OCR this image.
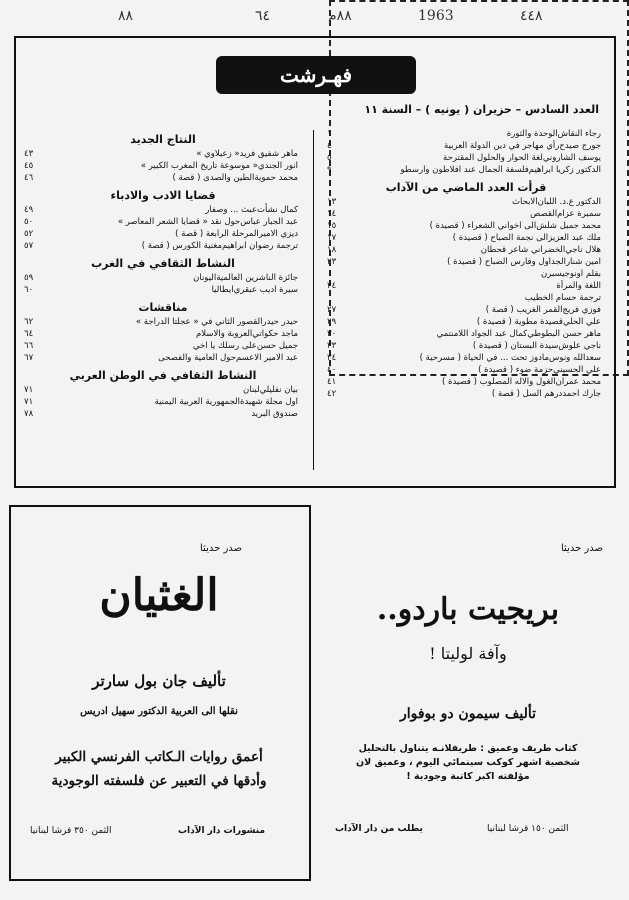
٨٨	٦٤	٨٨م	1963	٤٤٨
فهـرشت
العدد السادس – حزيران ( يونيه ) – السنة ١١
رجاء النقاش
الوحدة والثورة
١
جورج صيدح
رأي مهاجر في دين الدولة العربية
٤
يوسف الشاروني
لغة الحوار والحلول المقترحة
٥
الدكتور زكريا ابراهيم
فلسفة الجمال عند افلاطون وارسطو
٩
قرأت العدد الماضي من الآداب
الدكتور ع.د. اللبان
الابحاث
١٣
سميرة عزام
القصص
١٤
محمد جميل شلش
الى اخواني الشعراء ( قصيدة )
١٥
ملك عبد العزيز
الى نجمة الصباح ( قصيدة )
١٧
هلال ناجي
الخضراني شاعر قحطان
١٨
امين شنار
الجداول وفارس الصباح ( قصيدة )
٢٣
بقلم اونوجيسبرن
اللغة والمرأة
٢٤
ترجمة حسام الخطيب
فوزي فريج
القمر الغريب ( قصة )
٢٧
علي الحلي
قصيدة مطوية ( قصيدة )
٢٩
ماهر حسن البطوطي
كمال عبد الجواد اللامنتمي
٣٠
ناجي علوش
سيدة البستان ( قصيدة )
٣٣
سعدالله ونوس
مادوز تحت ... في الحياة ( مسرحية )
٣٤
علي الحسيني
حزمة ضوء ( قصيدة )
٤٠
محمد عمران
الغول والاله المصلوب ( قصيدة )
٤١
جارك احمد
درهم السل ( قصة )
٤٢
النتاج الجديد
ماهر شفيق فريد
« زعيلاوي »
٤٣
انور الجندي
« موسوعة تاريخ المغرب الكبير »
٤٥
محمد حموية
الطين والصدى ( قصة )
٤٦
قضايا الادب والادباء
كمال نشأت
عبث ... وصفار
٤٩
عبد الجبار عباس
حول نقد « قضايا الشعر المعاصر »
٥٠
ديزي الامير
المرحلة الرابعة ( قصة )
٥٢
ترجمة رضوان ابراهيم
مغنية الكورس ( قصة )
٥٧
النشاط الثقافي في الغرب
جائزة الناشرين العالمية
اليونان
٥٩
سيرة اديب عبقري
ايطاليا
٦٠
مناقشات
حيدر حيدر
القصور الثاني في « عجلتا الدراجة »
٦٢
ماجد حكواتي
العروبة والاسلام
٦٤
جميل حسن
على رسلك يا اخي
٦٦
عبد الامير الاعسم
حول العامية والفصحى
٦٧
النشاط الثقافي في الوطن العربي
بيان نفليلي
لبنان
٧١
اول مجلة شهيدة
الجمهورية العربية اليمنية
٧١
صندوق البريد
٧٨
صدر حديثا
بريجيت باردو..
وآفة لوليتا !
تأليف سيمون دو بوفوار
كتاب طريف وعميق : طريفلانـه يتناول بالتحليل
شخصية اشهر كوكب سينمائي اليوم ، وعميق لان
مؤلفته اكبر كاتبة وجودية !
الثمن ١٥٠ قرشا لبنانيا
يطلب من دار الآداب
صدر حديثا
الغثيان
تأليف جان بول سارتر
نقلها الى العربية الدكتور سهيل ادريس
أعمق روايات الـكاتب الفرنسي الكبير
وأدقها في التعبير عن فلسفته الوجودية
الثمن ٣٥٠ قرشا لبنانيا	منشورات دار الآداب
